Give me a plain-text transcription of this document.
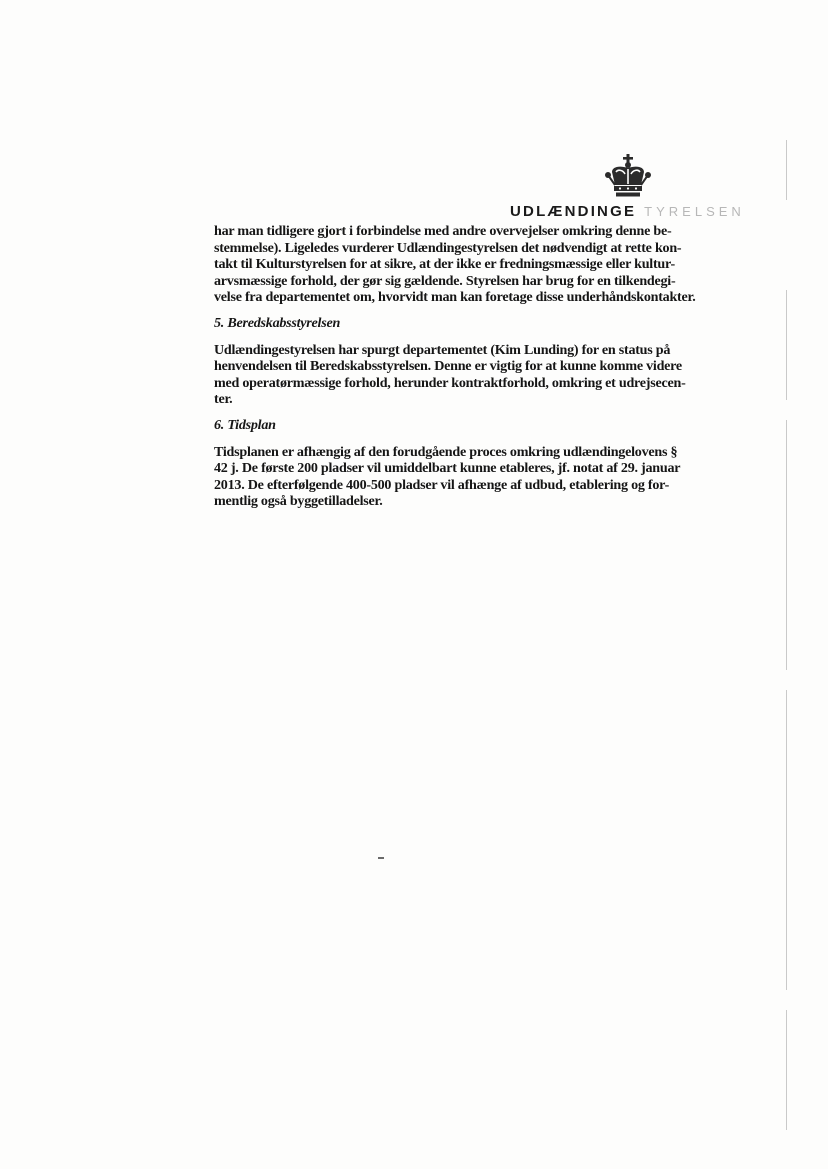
UDLÆNDINGE TYRELSEN
har man tidligere gjort i forbindelse med andre overvejelser omkring denne be-
stemmelse). Ligeledes vurderer Udlændingestyrelsen det nødvendigt at rette kon-
takt til Kulturstyrelsen for at sikre, at der ikke er fredningsmæssige eller kultur-
arvsmæssige forhold, der gør sig gældende. Styrelsen har brug for en tilkendegi-
velse fra departementet om, hvorvidt man kan foretage disse underhåndskontakter.
5. Beredskabsstyrelsen
Udlændingestyrelsen har spurgt departementet (Kim Lunding) for en status på
henvendelsen til Beredskabsstyrelsen. Denne er vigtig for at kunne komme videre
med operatørmæssige forhold, herunder kontraktforhold, omkring et udrejsecen-
ter.
6. Tidsplan
Tidsplanen er afhængig af den forudgående proces omkring udlændingelovens §
42 j. De første 200 pladser vil umiddelbart kunne etableres, jf. notat af 29. januar
2013. De efterfølgende 400-500 pladser vil afhænge af udbud, etablering og for-
mentlig også byggetilladelser.
